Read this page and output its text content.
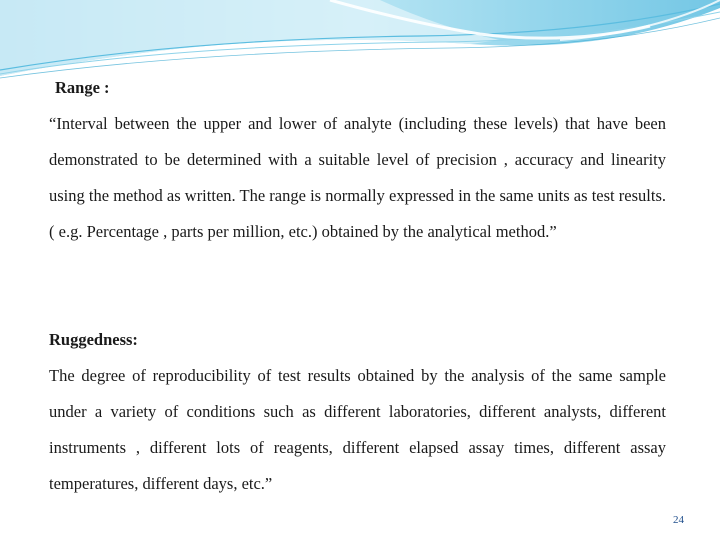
Range :
“Interval between the upper and lower of analyte (including these levels) that have been demonstrated to be determined with a suitable level of precision , accuracy and linearity using the method as written. The range is normally expressed in the same units as test results. ( e.g. Percentage , parts per million, etc.) obtained by the analytical method.”
Ruggedness:
The degree of reproducibility of test results obtained by the analysis of the same sample under a variety of conditions such as different laboratories, different analysts, different instruments , different lots of reagents, different elapsed assay times, different assay temperatures, different days, etc.”
24
